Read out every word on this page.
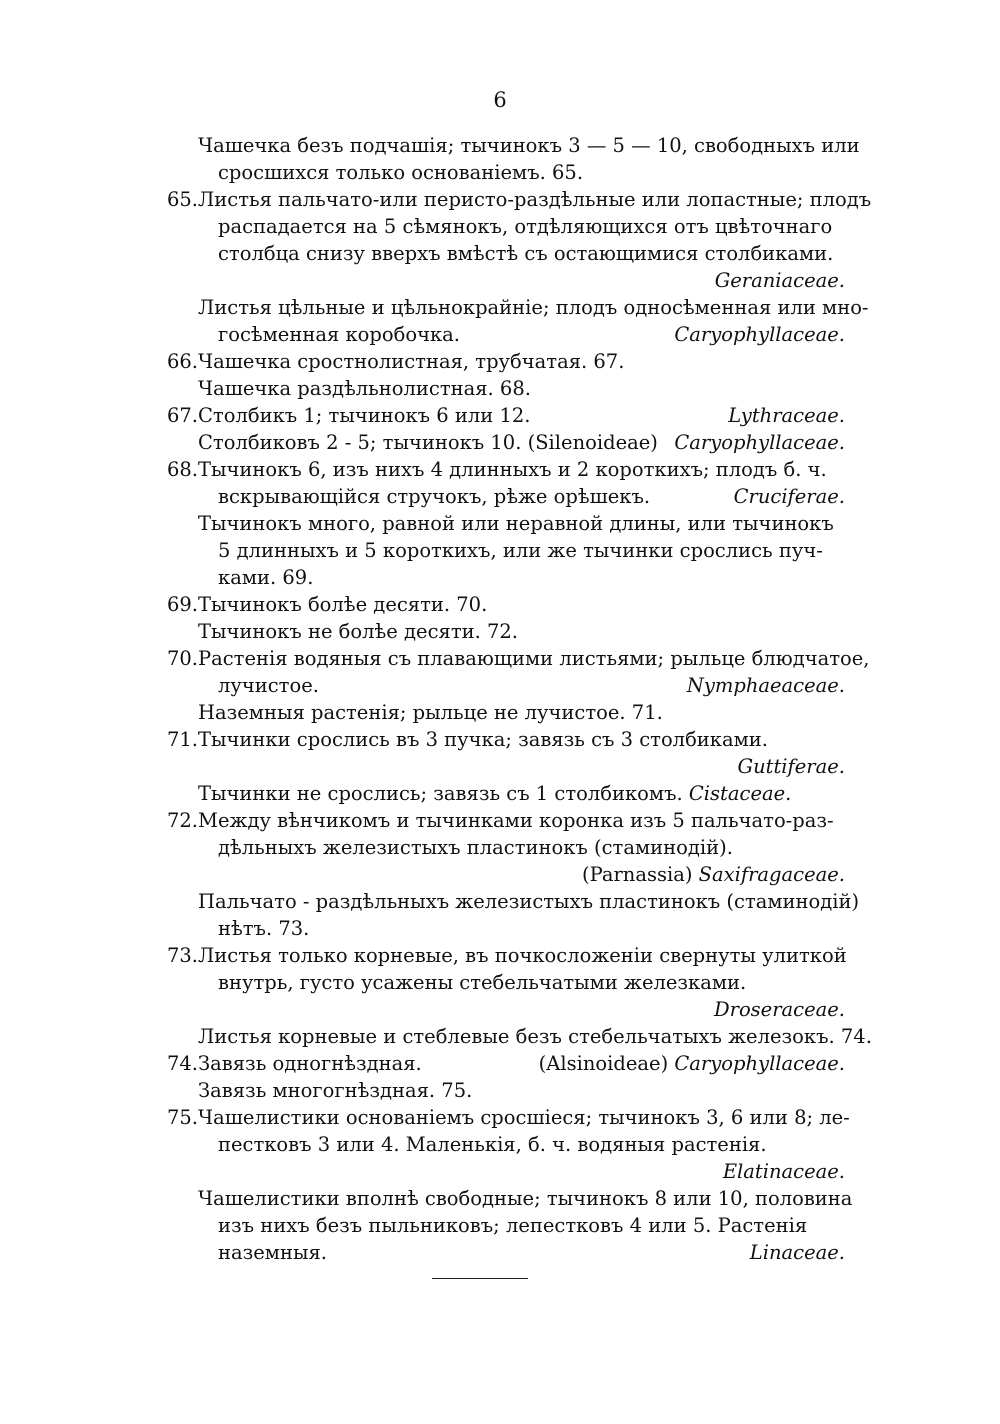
6
Чашечка безъ подчашія; тычинокъ 3 — 5 — 10, свободныхъ или
сросшихся только основаніемъ. 65.
65. Листья пальчато-или перисто-раздѣльные или лопастные; плодъ
распадается на 5 сѣмянокъ, отдѣляющихся отъ цвѣточнаго
столбца снизу вверхъ вмѣстѣ съ остающимися столбиками.
Geraniaceae.
Листья цѣльные и цѣльнокрайніе; плодъ односѣменная или мно-
госѣменная коробочка.	Caryophyllaceae.
66. Чашечка сростнолистная, трубчатая. 67.
Чашечка раздѣльнолистная. 68.
67. Столбикъ 1; тычинокъ 6 или 12.	Lythraceae.
Столбиковъ 2 - 5; тычинокъ 10. (Silenoideae) Caryophyllaceae.
68. Тычинокъ 6, изъ нихъ 4 длинныхъ и 2 короткихъ; плодъ б. ч.
вскрывающійся стручокъ, рѣже орѣшекъ.	Cruciferae.
Тычинокъ много, равной или неравной длины, или тычинокъ
5 длинныхъ и 5 короткихъ, или же тычинки срослись пуч-
ками. 69.
69. Тычинокъ болѣе десяти. 70.
Тычинокъ не болѣе десяти. 72.
70. Растенія водяныя съ плавающими листьями; рыльце блюдчатое,
лучистое.	Nymphaeaceae.
Наземныя растенія; рыльце не лучистое. 71.
71. Тычинки срослись въ 3 пучка; завязь съ 3 столбиками.
Guttiferae.
Тычинки не срослись; завязь съ 1 столбикомъ. Cistaceae.
72. Между вѣнчикомъ и тычинками коронка изъ 5 пальчато-раз-
дѣльныхъ железистыхъ пластинокъ (стаминодій).
(Parnassia) Saxifragaceae.
Пальчато - раздѣльныхъ железистыхъ пластинокъ (стаминодій)
нѣтъ. 73.
73. Листья только корневые, въ почкосложеніи свернуты улиткой
внутрь, густо усажены стебельчатыми железками.
Droseraceae.
Листья корневые и стеблевые безъ стебельчатыхъ железокъ. 74.
74. Завязь одногнѣздная.	(Alsinoideae) Caryophyllaceae.
Завязь многогнѣздная. 75.
75. Чашелистики основаніемъ сросшіеся; тычинокъ 3, 6 или 8; ле-
пестковъ 3 или 4. Маленькія, б. ч. водяныя растенія.
Elatinaceae.
Чашелистики вполнѣ свободные; тычинокъ 8 или 10, половина
изъ нихъ безъ пыльниковъ; лепестковъ 4 или 5. Растенія
наземныя.	Linaceae.
